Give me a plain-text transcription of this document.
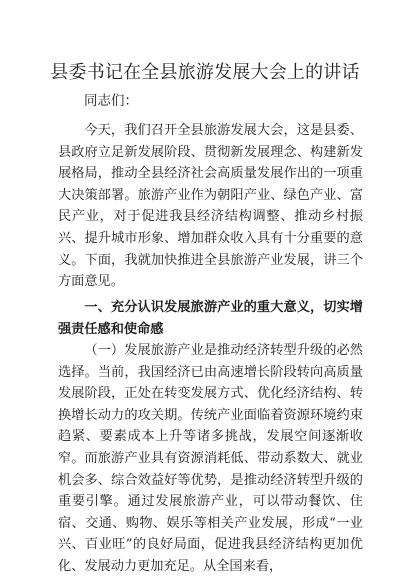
县委书记在全县旅游发展大会上的讲话
同志们：

今天，我们召开全县旅游发展大会，这是县委、县政府立足新发展阶段、贯彻新发展理念、构建新发展格局，推动全县经济社会高质量发展作出的一项重大决策部署。旅游产业作为朝阳产业、绿色产业、富民产业，对于促进我县经济结构调整、推动乡村振兴、提升城市形象、增加群众收入具有十分重要的意义。下面，我就加快推进全县旅游产业发展，讲三个方面意见。

一、充分认识发展旅游产业的重大意义，切实增强责任感和使命感

（一）发展旅游产业是推动经济转型升级的必然选择。当前，我国经济已由高速增长阶段转向高质量发展阶段，正处在转变发展方式、优化经济结构、转换增长动力的攻关期。传统产业面临着资源环境约束趋紧、要素成本上升等诸多挑战，发展空间逐渐收窄。而旅游产业具有资源消耗低、带动系数大、就业机会多、综合效益好等优势，是推动经济转型升级的重要引擎。通过发展旅游产业，可以带动餐饮、住宿、交通、购物、娱乐等相关产业发展，形成“一业兴、百业旺”的良好局面，促进我县经济结构更加优化、发展动力更加充足。从全国来看，
